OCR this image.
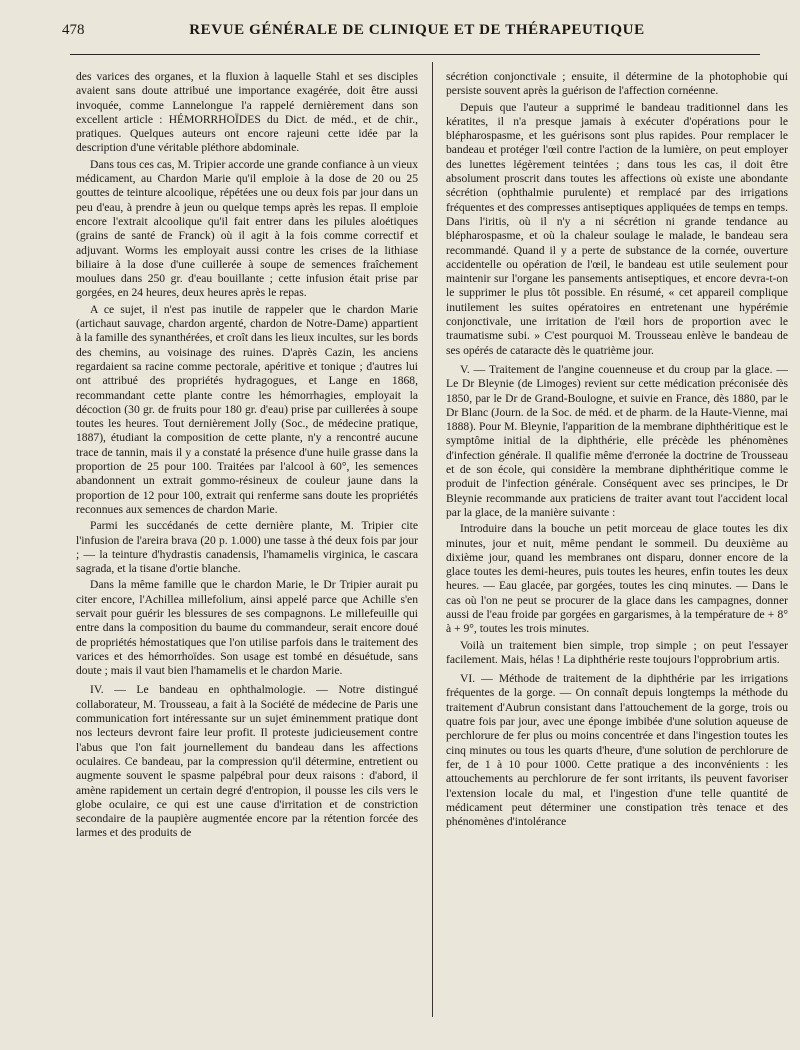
478	REVUE GÉNÉRALE DE CLINIQUE ET DE THÉRAPEUTIQUE

des varices des organes, et la fluxion à laquelle Stahl et ses disciples avaient sans doute attribué une importance exagérée, doit être aussi invoquée, comme Lannelongue l'a rappelé dernièrement dans son excellent article : HÉMORRHOÏDES du Dict. de méd., et de chir., pratiques. Quelques auteurs ont encore rajeuni cette idée par la description d'une véritable pléthore abdominale.

Dans tous ces cas, M. Tripier accorde une grande confiance à un vieux médicament, au Chardon Marie qu'il emploie à la dose de 20 ou 25 gouttes de teinture alcoolique, répétées une ou deux fois par jour dans un peu d'eau, à prendre à jeun ou quelque temps après les repas. Il emploie encore l'extrait alcoolique qu'il fait entrer dans les pilules aloétiques (grains de santé de Franck) où il agit à la fois comme correctif et adjuvant. Worms les employait aussi contre les crises de la lithiase biliaire à la dose d'une cuillerée à soupe de semences fraîchement moulues dans 250 gr. d'eau bouillante ; cette infusion était prise par gorgées, en 24 heures, deux heures après le repas.

A ce sujet, il n'est pas inutile de rappeler que le chardon Marie (artichaut sauvage, chardon argenté, chardon de Notre-Dame) appartient à la famille des synanthérées, et croît dans les lieux incultes, sur les bords des chemins, au voisinage des ruines. D'après Cazin, les anciens regardaient sa racine comme pectorale, apéritive et tonique ; d'autres lui ont attribué des propriétés hydragogues, et Lange en 1868, recommandant cette plante contre les hémorrhagies, employait la décoction (30 gr. de fruits pour 180 gr. d'eau) prise par cuillerées à soupe toutes les heures. Tout dernièrement Jolly (Soc., de médecine pratique, 1887), étudiant la composition de cette plante, n'y a rencontré aucune trace de tannin, mais il y a constaté la présence d'une huile grasse dans la proportion de 25 pour 100. Traitées par l'alcool à 60°, les semences abandonnent un extrait gommo-résineux de couleur jaune dans la proportion de 12 pour 100, extrait qui renferme sans doute les propriétés reconnues aux semences de chardon Marie.

Parmi les succédanés de cette dernière plante, M. Tripier cite l'infusion de l'areira brava (20 p. 1.000) une tasse à thé deux fois par jour ; — la teinture d'hydrastis canadensis, l'hamamelis virginica, le cascara sagrada, et la tisane d'ortie blanche.

Dans la même famille que le chardon Marie, le Dr Tripier aurait pu citer encore, l'Achillea millefolium, ainsi appelé parce que Achille s'en servait pour guérir les blessures de ses compagnons. Le millefeuille qui entre dans la composition du baume du commandeur, serait encore doué de propriétés hémostatiques que l'on utilise parfois dans le traitement des varices et des hémorrhoïdes. Son usage est tombé en désuétude, sans doute ; mais il vaut bien l'hamamelis et le chardon Marie.

IV. — Le bandeau en ophthalmologie. — Notre distingué collaborateur, M. Trousseau, a fait à la Société de médecine de Paris une communication fort intéressante sur un sujet éminemment pratique dont nos lecteurs devront faire leur profit. Il proteste judicieusement contre l'abus que l'on fait journellement du bandeau dans les affections oculaires. Ce bandeau, par la compression qu'il détermine, entretient ou augmente souvent le spasme palpébral pour deux raisons : d'abord, il amène rapidement un certain degré d'entropion, il pousse les cils vers le globe oculaire, ce qui est une cause d'irritation et de constriction secondaire de la paupière augmentée encore par la rétention forcée des larmes et des produits de

sécrétion conjonctivale ; ensuite, il détermine de la photophobie qui persiste souvent après la guérison de l'affection cornéenne.

Depuis que l'auteur a supprimé le bandeau traditionnel dans les kératites, il n'a presque jamais à exécuter d'opérations pour le blépharospasme, et les guérisons sont plus rapides. Pour remplacer le bandeau et protéger l'œil contre l'action de la lumière, on peut employer des lunettes légèrement teintées ; dans tous les cas, il doit être absolument proscrit dans toutes les affections où existe une abondante sécrétion (ophthalmie purulente) et remplacé par des irrigations fréquentes et des compresses antiseptiques appliquées de temps en temps. Dans l'iritis, où il n'y a ni sécrétion ni grande tendance au blépharospasme, et où la chaleur soulage le malade, le bandeau sera recommandé. Quand il y a perte de substance de la cornée, ouverture accidentelle ou opération de l'œil, le bandeau est utile seulement pour maintenir sur l'organe les pansements antiseptiques, et encore devra-t-on le supprimer le plus tôt possible. En résumé, « cet appareil complique inutilement les suites opératoires en entretenant une hypérémie conjonctivale, une irritation de l'œil hors de proportion avec le traumatisme subi. » C'est pourquoi M. Trousseau enlève le bandeau de ses opérés de cataracte dès le quatrième jour.

V. — Traitement de l'angine couenneuse et du croup par la glace. — Le Dr Bleynie (de Limoges) revient sur cette médication préconisée dès 1850, par le Dr de Grand-Boulogne, et suivie en France, dès 1880, par le Dr Blanc (Journ. de la Soc. de méd. et de pharm. de la Haute-Vienne, mai 1888). Pour M. Bleynie, l'apparition de la membrane diphthéritique est le symptôme initial de la diphthérie, elle précède les phénomènes d'infection générale. Il qualifie même d'erronée la doctrine de Trousseau et de son école, qui considère la membrane diphthéritique comme le produit de l'infection générale. Conséquent avec ses principes, le Dr Bleynie recommande aux praticiens de traiter avant tout l'accident local par la glace, de la manière suivante :

Introduire dans la bouche un petit morceau de glace toutes les dix minutes, jour et nuit, même pendant le sommeil. Du deuxième au dixième jour, quand les membranes ont disparu, donner encore de la glace toutes les demi-heures, puis toutes les heures, enfin toutes les deux heures. — Eau glacée, par gorgées, toutes les cinq minutes. — Dans le cas où l'on ne peut se procurer de la glace dans les campagnes, donner aussi de l'eau froide par gorgées en gargarismes, à la température de + 8° à + 9°, toutes les trois minutes.

Voilà un traitement bien simple, trop simple ; on peut l'essayer facilement. Mais, hélas ! La diphthérie reste toujours l'opprobrium artis.

VI. — Méthode de traitement de la diphthérie par les irrigations fréquentes de la gorge. — On connaît depuis longtemps la méthode du traitement d'Aubrun consistant dans l'attouchement de la gorge, trois ou quatre fois par jour, avec une éponge imbibée d'une solution aqueuse de perchlorure de fer plus ou moins concentrée et dans l'ingestion toutes les cinq minutes ou tous les quarts d'heure, d'une solution de perchlorure de fer, de 1 à 10 pour 1000. Cette pratique a des inconvénients : les attouchements au perchlorure de fer sont irritants, ils peuvent favoriser l'extension locale du mal, et l'ingestion d'une telle quantité de médicament peut déterminer une constipation très tenace et des phénomènes d'intolérance
